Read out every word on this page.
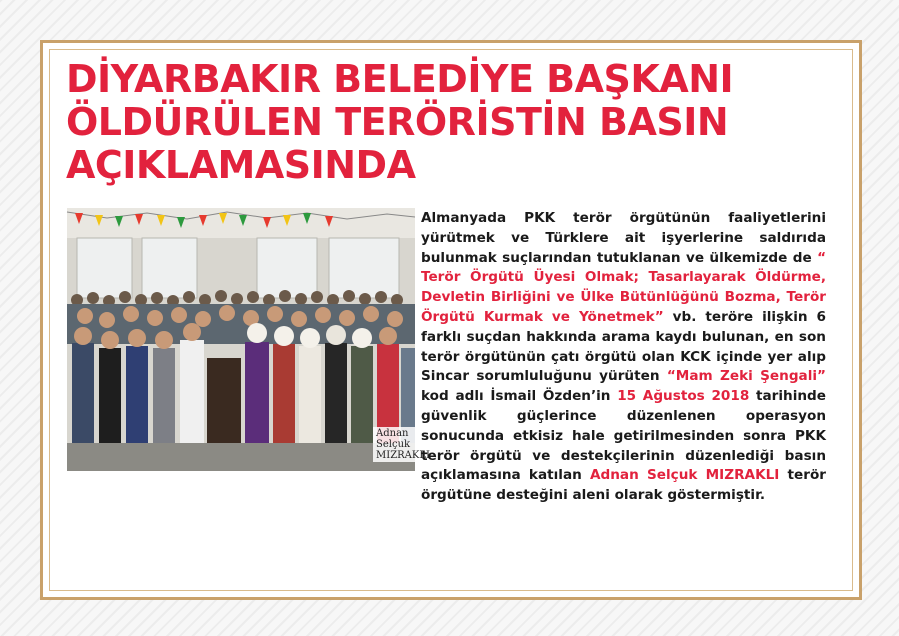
DİYARBAKIR BELEDİYE BAŞKANI
ÖLDÜRÜLEN TERÖRİSTİN BASIN
AÇIKLAMASINDA
Adnan Selçuk MIZRAKLI

Almanyada PKK terör örgütünün faaliyetlerini yürütmek ve Türklere ait işyerlerine saldırıda bulunmak suçlarından tutuklanan ve ülkemizde de “ Terör Örgütü Üyesi Olmak; Tasarlayarak Öldürme, Devletin Birliğini ve Ülke Bütünlüğünü Bozma, Terör Örgütü Kurmak ve Yönetmek” vb. teröre ilişkin 6 farklı suçdan hakkında arama kaydı bulunan, en son terör örgütünün çatı örgütü olan KCK içinde yer alıp Sincar sorumluluğunu yürüten “Mam Zeki Şengali” kod adlı İsmail Özden’in 15 Ağustos 2018 tarihinde güvenlik güçlerince düzenlenen operasyon sonucunda etkisiz hale getirilmesinden sonra PKK terör örgütü ve destekçilerinin düzenlediği basın açıklamasına katılan Adnan Selçuk MIZRAKLI terör örgütüne desteğini aleni olarak göstermiştir.
